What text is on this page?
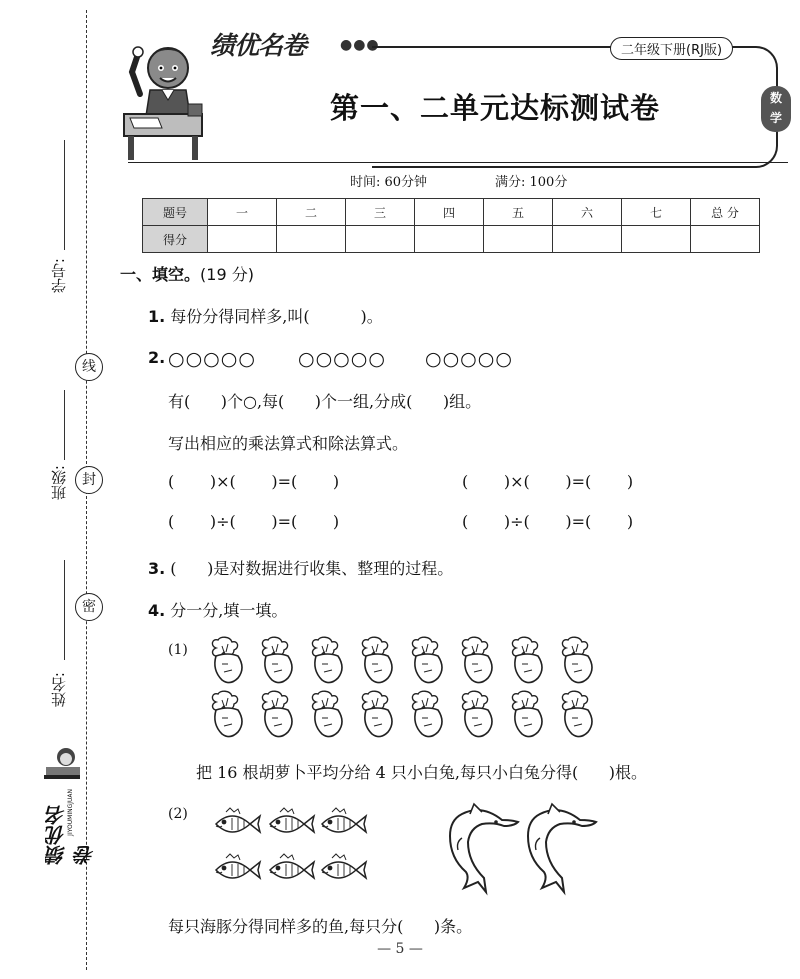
学号:
线
班级:	封
密
姓名:
绩优名卷
JIYOUMINGJUAN
绩优名卷 ●●●	二年级下册(RJ版)
数
学
第一、二单元达标测试卷
时间: 60分钟	满分: 100分
题号	一	二	三	四	五	六	七	总 分
得分								
一、填空。(19 分)
1. 每份分得同样多,叫(          )。
2. ○○○○○ ○○○○○ ○○○○○
有(      )个○,每(      )个一组,分成(      )组。
写出相应的乘法算式和除法算式。
(       )×(       )=(       )	(       )×(       )=(       )
(       )÷(       )=(       )	(       )÷(       )=(       )
3. (      )是对数据进行收集、整理的过程。
4. 分一分,填一填。
(1)
把 16 根胡萝卜平均分给 4 只小白兔,每只小白兔分得(      )根。
(2)
每只海豚分得同样多的鱼,每只分(      )条。
— 5 —
